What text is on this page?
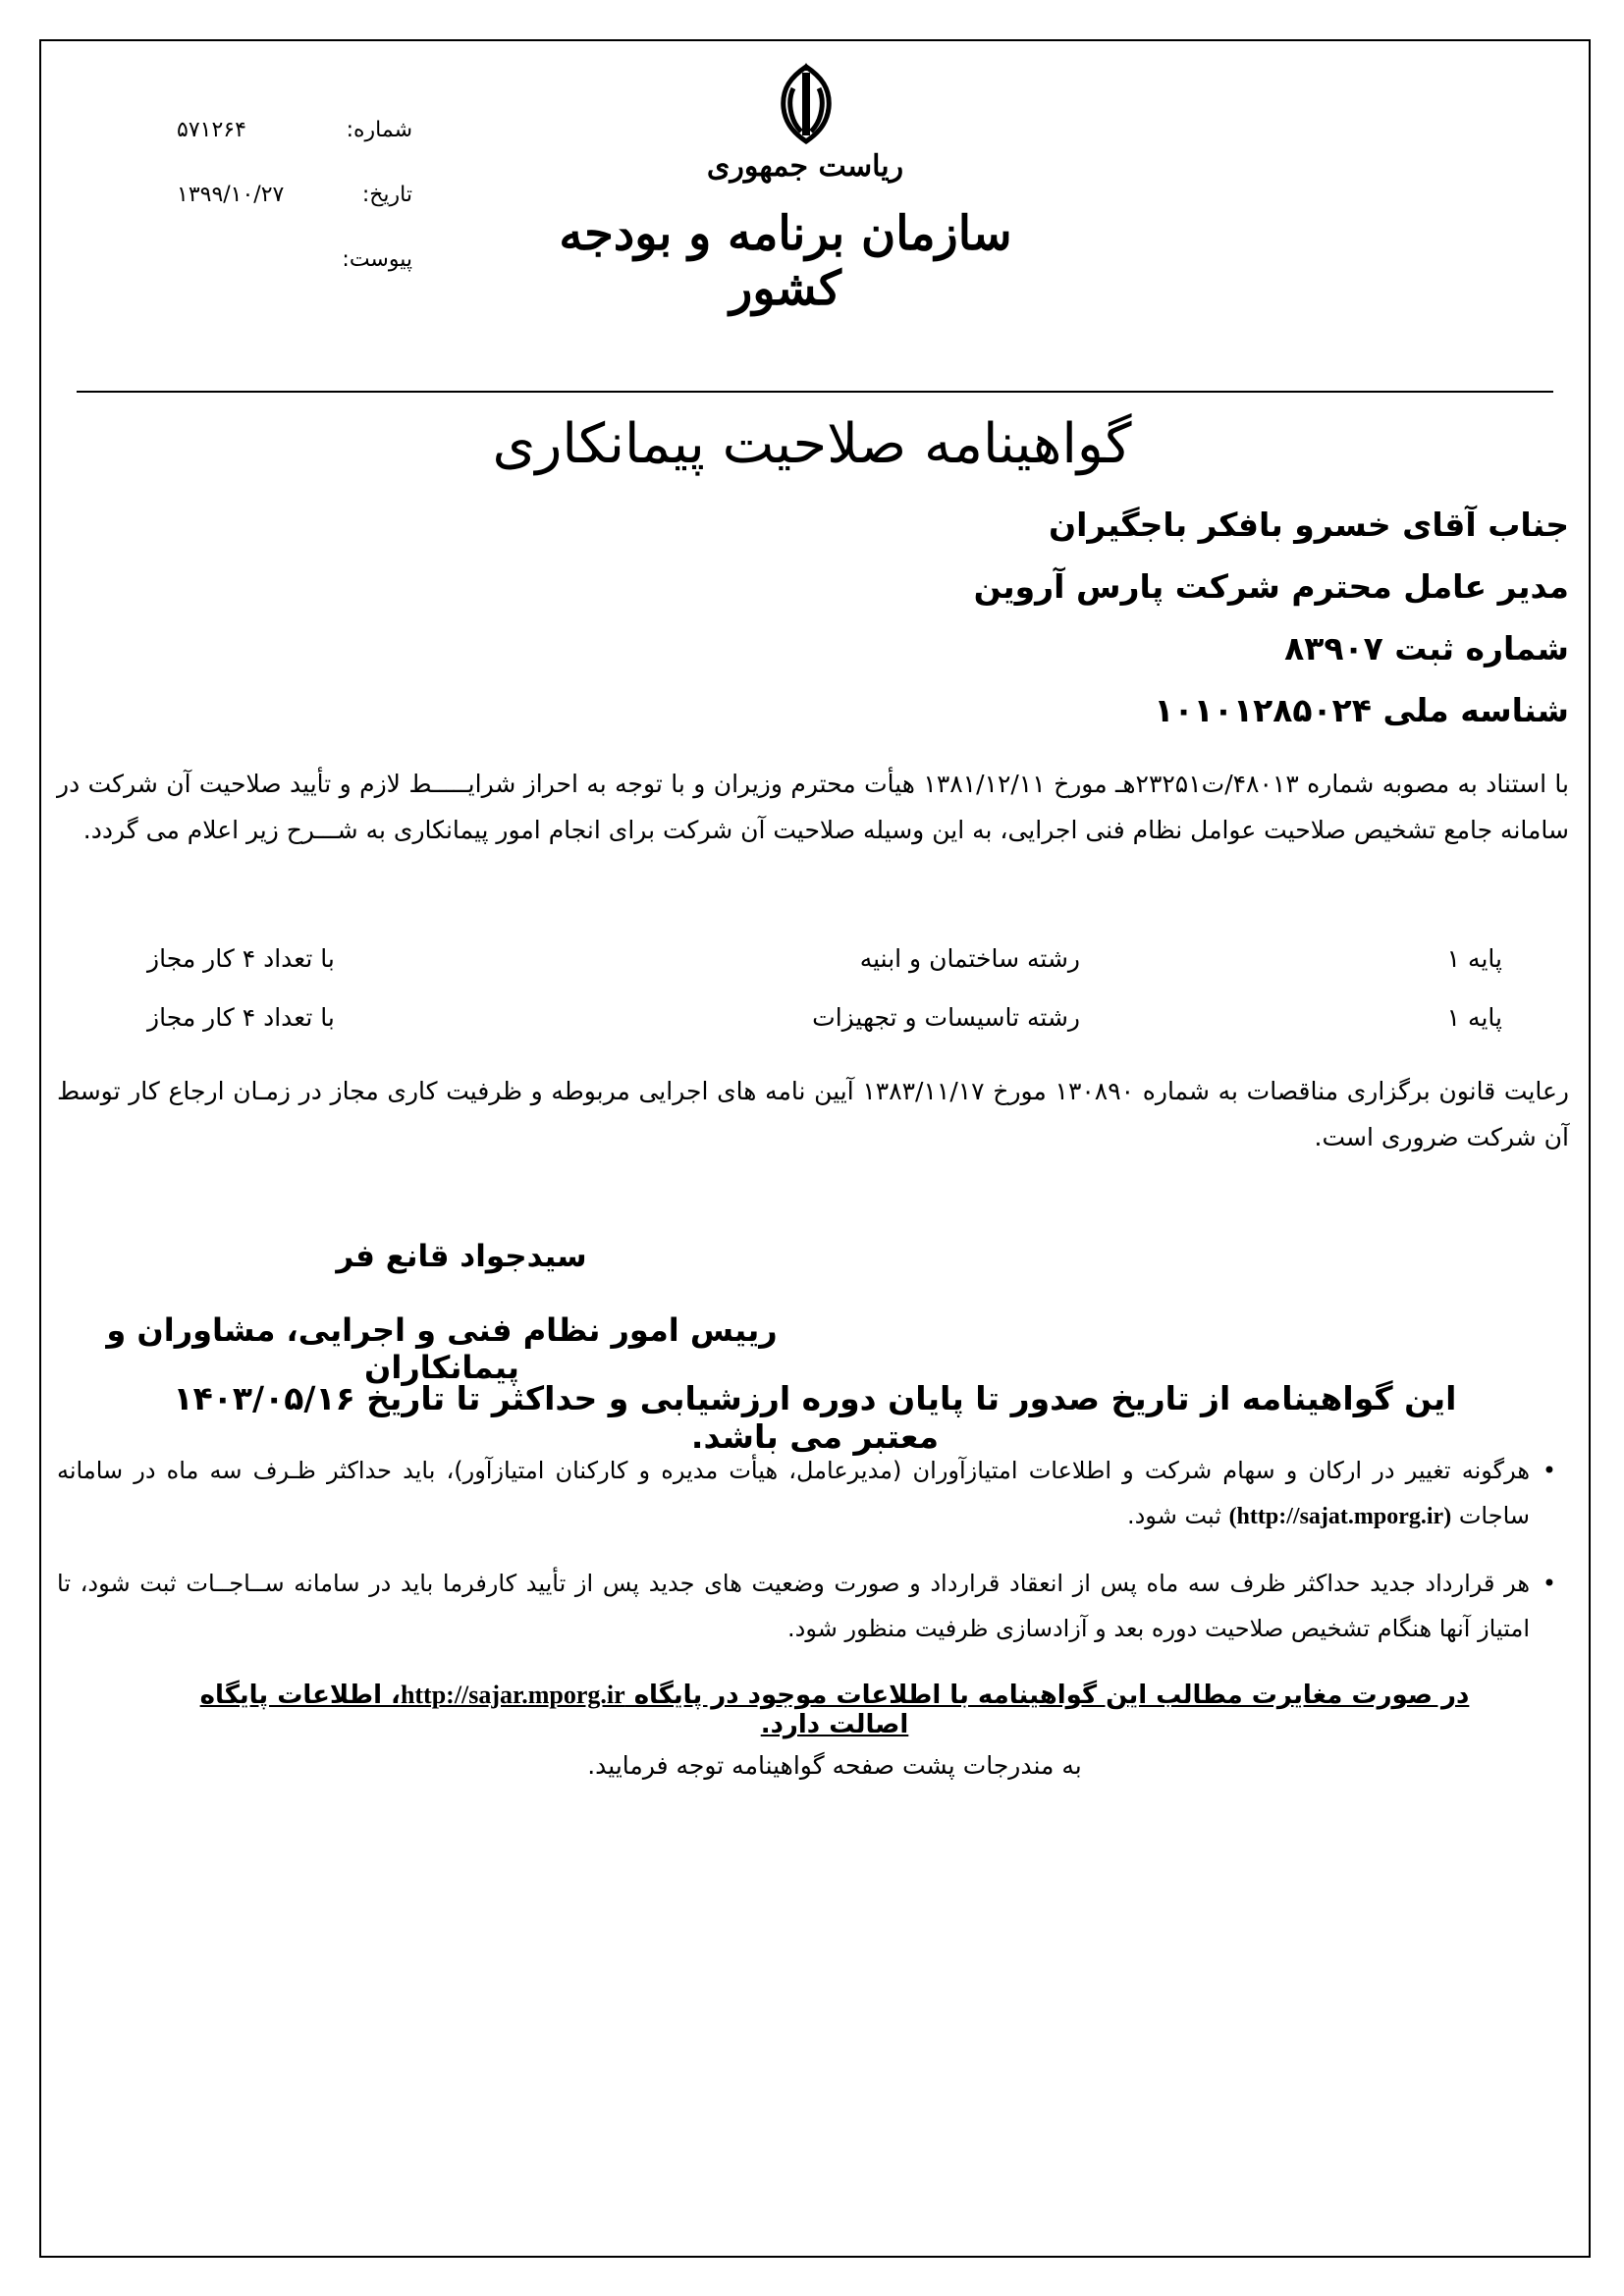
شماره:
۵۷۱۲۶۴
تاریخ:
۱۳۹۹/۱۰/۲۷
پیوست:
ریاست جمهوری
سازمان برنامه و بودجه کشور
گواهینامه صلاحیت پیمانکاری
جناب آقای خسرو بافکر باجگیران
مدیر عامل محترم شرکت پارس آروین
شماره ثبت ۸۳۹۰۷
شناسه ملی ۱۰۱۰۱۲۸۵۰۲۴
با استناد به مصوبه شماره ۴۸۰۱۳/ت۲۳۲۵۱هـ مورخ ۱۳۸۱/۱۲/۱۱ هیأت محترم وزیران و با توجه به احراز شرایـــــط لازم و تأیید صلاحیت آن شرکت در سامانه جامع تشخیص صلاحیت عوامل نظام فنی اجرایی، به این وسیله صلاحیت آن شرکت برای انجام امور پیمانکاری به شـــرح زیر اعلام می گردد.
پایه ۱
رشته ساختمان و ابنیه
با تعداد ۴ کار مجاز
پایه ۱
رشته تاسیسات و تجهیزات
با تعداد ۴ کار مجاز
رعایت قانون برگزاری مناقصات به شماره ۱۳۰۸۹۰ مورخ ۱۳۸۳/۱۱/۱۷ آیین نامه های اجرایی مربوطه و ظرفیت کاری مجاز در زمـان ارجاع کار توسط آن شرکت ضروری است.
سیدجواد قانع فر
رییس امور نظام فنی و اجرایی، مشاوران و پیمانکاران
این گواهینامه از تاریخ صدور تا پایان دوره ارزشیابی و حداکثر تا تاریخ ۱۴۰۳/۰۵/۱۶ معتبر می باشد.
•
هرگونه تغییر در ارکان و سهام شرکت و اطلاعات امتیازآوران (مدیرعامل، هیأت مدیره و کارکنان امتیازآور)، باید حداکثر ظـرف سه ماه در سامانه ساجات (http://sajat.mporg.ir) ثبت شود.
•
هر قرارداد جدید حداکثر ظرف سه ماه پس از انعقاد قرارداد و صورت وضعیت های جدید پس از تأیید کارفرما باید در سامانه ســاجــات ثبت شود، تا امتیاز آنها هنگام تشخیص صلاحیت دوره بعد و آزادسازی ظرفیت منظور شود.
در صورت مغایرت مطالب این گواهینامه با اطلاعات موجود در پایگاه http://sajar.mporg.ir، اطلاعات پایگاه اصالت دارد.
به مندرجات پشت صفحه گواهینامه توجه فرمایید.
